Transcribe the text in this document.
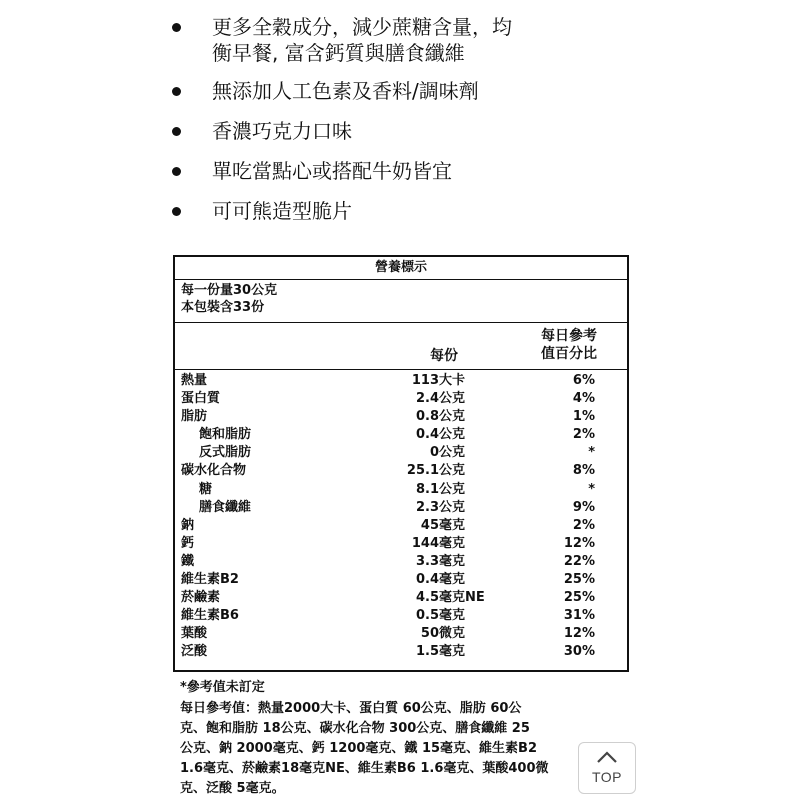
更多全穀成分，減少蔗糖含量，均
衡早餐, 富含鈣質與膳食纖維
無添加人工色素及香料/調味劑
香濃巧克力口味
單吃當點心或搭配牛奶皆宜
可可熊造型脆片
營養標示
每一份量30公克
本包裝含33份
每份
每日參考
值百分比
熱量	113大卡	6%
蛋白質	2.4公克	4%
脂肪	0.8公克	1%
飽和脂肪	0.4公克	2%
反式脂肪	0公克	*
碳水化合物	25.1公克	8%
糖	8.1公克	*
膳食纖維	2.3公克	9%
鈉	45毫克	2%
鈣	144毫克	12%
鐵	3.3毫克	22%
維生素B2	0.4毫克	25%
菸鹼素	4.5毫克 NE	25%
維生素B6	0.5毫克	31%
葉酸	50微克	12%
泛酸	1.5毫克	30%
*參考值未訂定
每日參考值：熱量2000大卡、蛋白質 60公克、脂肪 60公
克、飽和脂肪 18公克、碳水化合物 300公克、膳食纖維 25
公克、鈉 2000毫克、鈣 1200毫克、鐵 15毫克、維生素B2
1.6毫克、菸鹼素18毫克NE、維生素B6 1.6毫克、葉酸400微
克、泛酸 5毫克。
TOP
